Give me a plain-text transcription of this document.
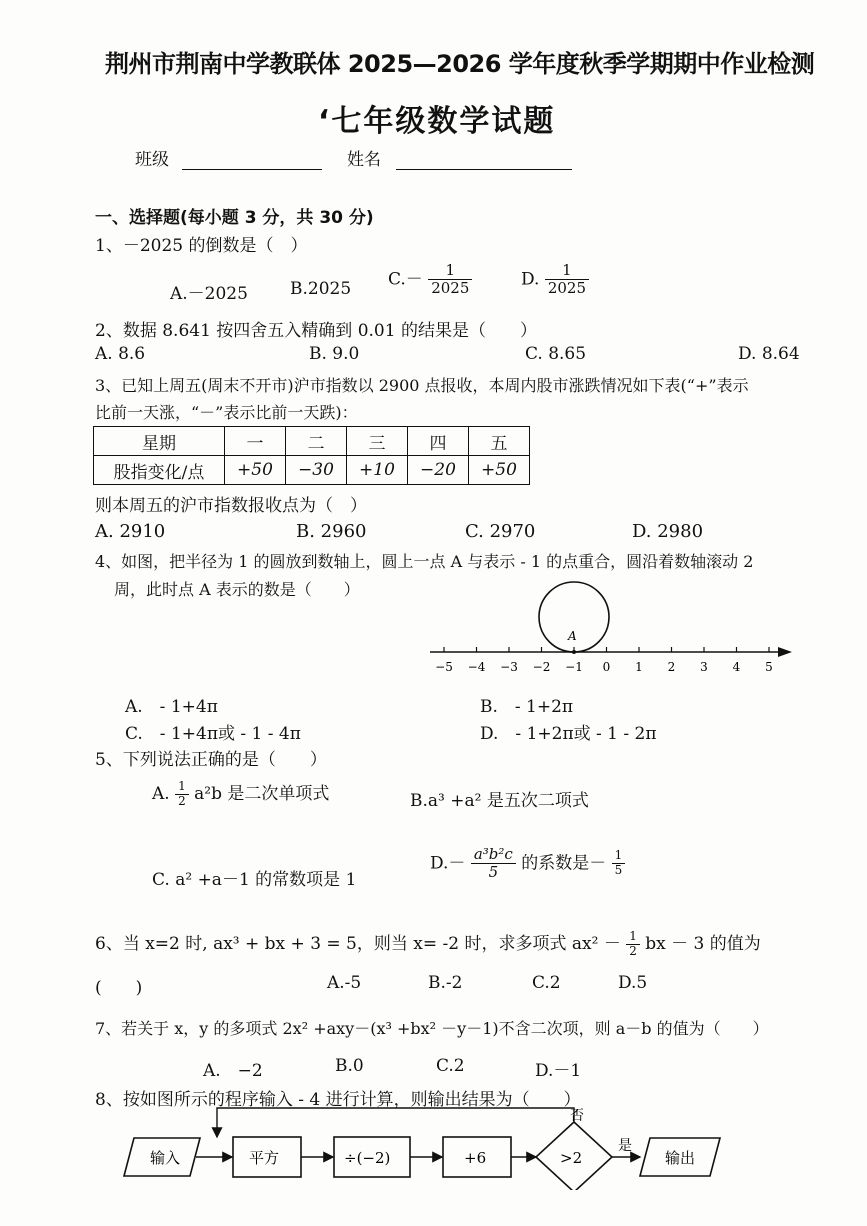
荆州市荆南中学教联体 2025—2026 学年度秋季学期期中作业检测
‘七年级数学试题
班级	姓名
一、选择题(每小题 3 分，共 30 分)
1、－2025 的倒数是（　）
A.－2025 B.2025 $C.- \frac{1}{2025}$	D. $\frac{1}{2025}$
2、数据 8.641 按四舍五入精确到 0.01 的结果是（　　）
A. 8.6	B. 9.0	C. 8.65	D. 8.64
3、已知上周五(周末不开市)沪市指数以 2900 点报收，本周内股市涨跌情况如下表(“+”表示
比前一天涨，“－”表示比前一天跌)：
星期	一	二	三	四	五
股指变化/点	+50	−30	+10	−20	+50
则本周五的沪市指数报收点为（　）
A. 2910	B. 2960	C. 2970	D. 2980
4、如图，把半径为 1 的圆放到数轴上，圆上一点 A 与表示 - 1 的点重合，圆沿着数轴滚动 2
周，此时点 A 表示的数是（　　）
A
−5 −4 −3 −2 −1 0 1 2 3 4 5
A.　- 1+4π	B.　- 1+2π
C.　- 1+4π或 - 1 - 4π	D.　- 1+2π或 - 1 - 2π
5、下列说法正确的是（　　）
A. $\frac{1}{2} a^2b$ 是二次单项式	B.a³ +a² 是五次二项式
C. a² +a－1 的常数项是 1
$D.- \frac{\text{a³b²c}}{5}$ 的系数是－ $\frac{1}{5}$
6、当 x=2 时, ax³ + bx + 3 = 5，则当 x= -2 时，求多项式 $ax^2 - \frac{1}{2}$ bx － 3 的值为
(　　)	A.-5	B.-2	C.2	D.5
7、若关于 x，y 的多项式 2x² +axy－(x³ +bx² －y－1)不含二次项，则 a－b 的值为（　　）
A.　−2	B.0	C.2	D.－1
8、按如图所示的程序输入 - 4 进行计算，则输出结果为（　　）
输入	平方	÷(−2)	+6	>2
否
是
输出
